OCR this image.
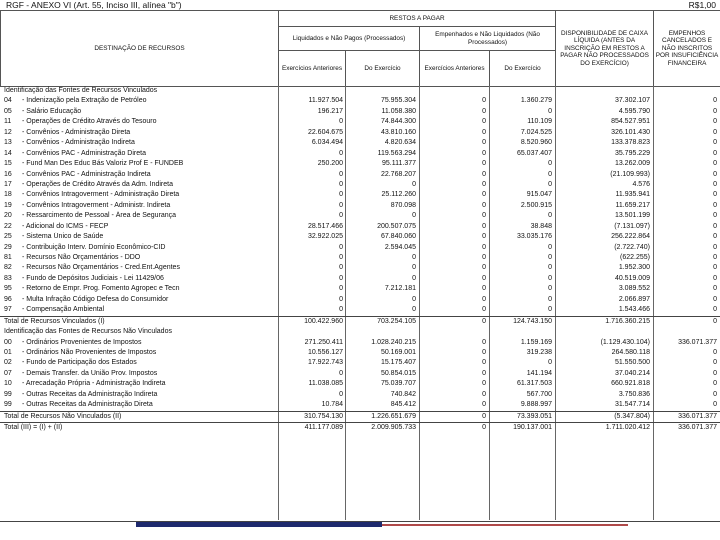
RGF - ANEXO VI (Art. 55, Inciso III, alínea "b")	R$1,00
DESTINAÇÃO DE RECURSOS	RESTOS A PAGAR				DISPONIBILIDADE DE CAIXA LÍQUIDA (ANTES DA INSCRIÇÃO EM RESTOS A PAGAR NÃO PROCESSADOS DO EXERCÍCIO)	EMPENHOS CANCELADOS E NÃO INSCRITOS POR INSUFICIÊNCIA FINANCEIRA
	Liquidados e Não Pagos (Processados)		Empenhados e Não Liquidados (Não Processados)			
	Exercícios Anteriores	Do Exercício	Exercícios Anteriores	Do Exercício		
Identificação das Fontes de Recursos Vinculados
04	- Indenização pela Extração de Petróleo	11.927.504	75.955.304	0	1.360.279	37.302.107	0
05	- Salário Educação	196.217	11.058.380	0	0	4.595.790	0
11	- Operações de Crédito Através do Tesouro	0	74.844.300	0	110.109	854.527.951	0
12	- Convênios - Administração Direta	22.604.675	43.810.160	0	7.024.525	326.101.430	0
13	- Convênios - Administração Indireta	6.034.494	4.820.634	0	8.520.960	133.378.823	0
14	- Convênios PAC - Administração Direta	0	119.563.294	0	65.037.407	35.795.229	0
15	- Fund Man Des Educ Bás Valoriz Prof E - FUNDEB	250.200	95.111.377	0	0	13.262.009	0
16	- Convênios PAC - Administração Indireta	0	22.768.207	0	0	(21.109.993)	0
17	- Operações de Crédito Através da Adm. Indireta	0	0	0	0	4.576	0
18	- Convênios Intragoverment - Administração Direta	0	25.112.260	0	915.047	11.935.941	0
19	- Convênios Intragoverment - Administr. Indireta	0	870.098	0	2.500.915	11.659.217	0
20	- Ressarcimento de Pessoal - Área de Segurança	0	0	0	0	13.501.199	0
22	- Adicional do ICMS - FECP	28.517.466	200.507.075	0	38.848	(7.131.097)	0
25	- Sistema Único de Saúde	32.922.025	67.840.060	0	33.035.176	256.222.864	0
29	- Contribuição Interv. Domínio Econômico-CID	0	2.594.045	0	0	(2.722.740)	0
81	- Recursos Não Orçamentários - DDO	0	0	0	0	(622.255)	0
82	- Recursos Não Orçamentários - Cred.Ent.Agentes	0	0	0	0	1.952.300	0
83	- Fundo de Depósitos Judiciais - Lei 11429/06	0	0	0	0	40.519.009	0
95	- Retorno de Empr. Prog. Fomento Agropec e Tecn	0	7.212.181	0	0	3.089.552	0
96	- Multa Infração Código Defesa do Consumidor	0	0	0	0	2.066.897	0
97	- Compensação Ambiental	0	0	0	0	1.543.466	0
Total de Recursos Vinculados (I)	100.422.960	703.254.105	0	124.743.150	1.716.360.215	0
Identificação das Fontes de Recursos Não Vinculados
00	- Ordinários Provenientes de Impostos	271.250.411	1.028.240.215	0	1.159.169	(1.129.430.104)	336.071.377
01	- Ordinários Não Provenientes de Impostos	10.556.127	50.169.001	0	319.238	264.580.118	0
02	- Fundo de Participação dos Estados	17.922.743	15.175.407	0	0	51.550.500	0
07	- Demais Transfer. da União Prov. Impostos	0	50.854.015	0	141.194	37.040.214	0
10	- Arrecadação Própria - Administração Indireta	11.038.085	75.039.707	0	61.317.503	660.921.818	0
99	- Outras Receitas da Administração Indireta	0	740.842	0	567.700	3.750.836	0
99	- Outras Receitas da Administração Direta	10.784	845.412	0	9.888.997	31.547.714	0
Total de Recursos Não Vinculados (II)	310.754.130	1.226.651.679	0	73.393.051	(5.347.804)	336.071.377
Total (III) = (I) + (II)	411.177.089	2.009.905.733	0	190.137.001	1.711.020.412	336.071.377
